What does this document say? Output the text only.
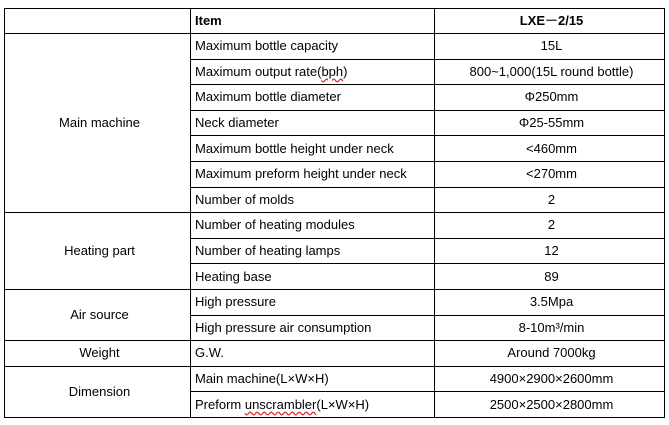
	Item	LXE－2/15
Main machine	Maximum bottle capacity	15L
	Maximum output rate(bph)	800~1,000(15L round bottle)
	Maximum bottle diameter	Φ250mm
	Neck diameter	Φ25-55mm
	Maximum bottle height under neck	<460mm
	Maximum preform height under neck	<270mm
	Number of molds	2
Heating part	Number of heating modules	2
	Number of heating lamps	12
	Heating base	89
Air source	High pressure	3.5Mpa
	High pressure air consumption	8-10m³/min
Weight	G.W.	Around 7000kg
Dimension	Main machine(L×W×H)	4900×2900×2600mm
	Preform unscrambler(L×W×H)	2500×2500×2800mm
